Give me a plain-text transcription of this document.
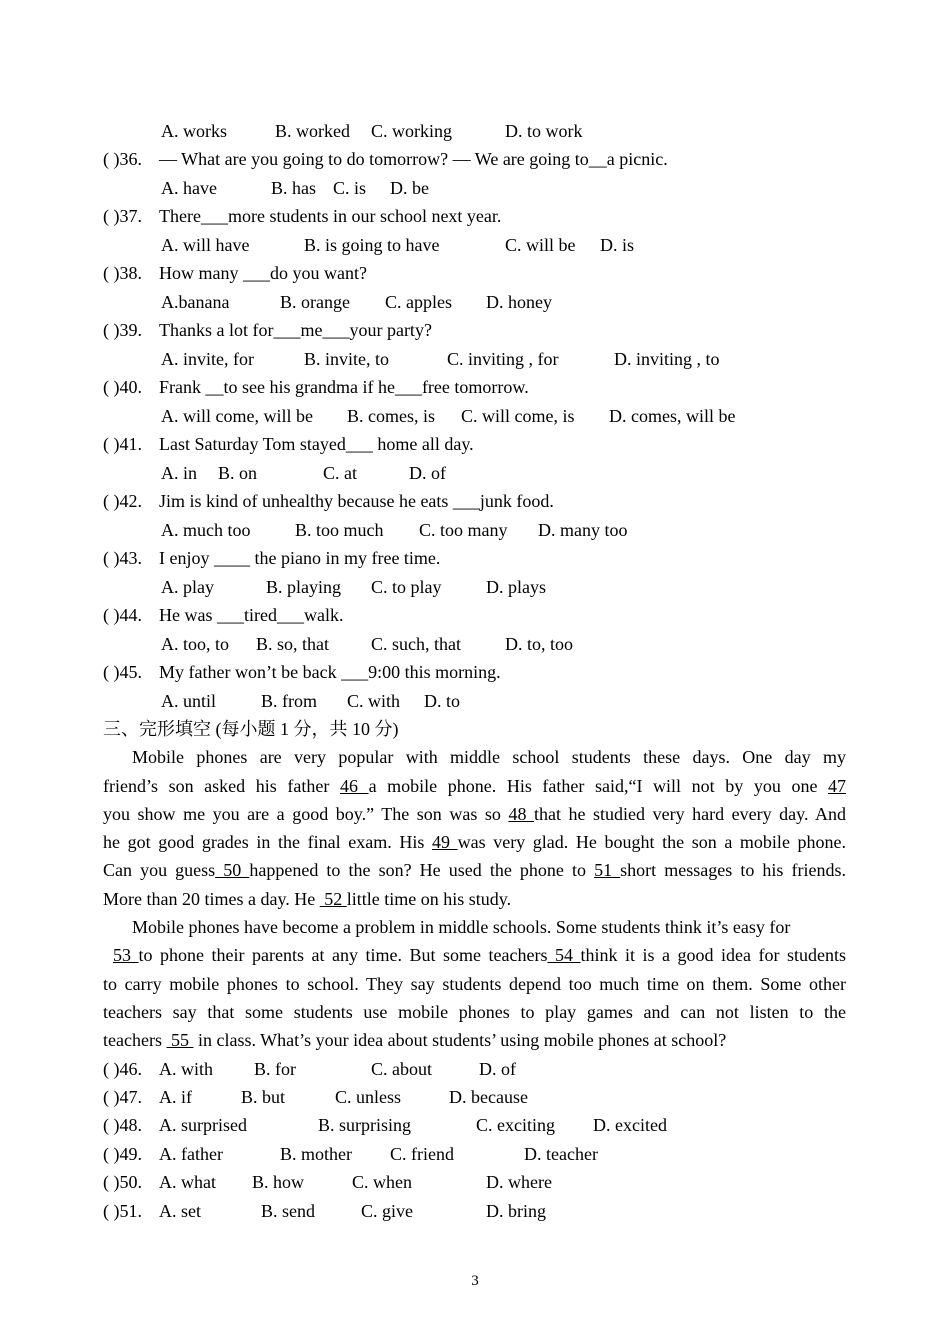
A. works	B. worked C. working	D. to work
( )36. — What are you going to do tomorrow? — We are going to__a picnic.
A. have	B. has C. is D. be
( )37. There___more students in our school next year.
A. will have	B. is going to have	C. will be D. is
( )38. How many ___do you want?
A.banana	B. orange C. apples D. honey
( )39. Thanks a lot for___me___your party?
A. invite, for	B. invite, to	C. inviting , for	D. inviting , to
( )40. Frank __to see his grandma if he___free tomorrow.
A. will come, will be B. comes, is C. will come, is D. comes, will be
( )41. Last Saturday Tom stayed___ home all day.
A. in B. on	C. at	D. of
( )42. Jim is kind of unhealthy because he eats ___junk food.
A. much too B. too much C. too many D. many too
( )43. I enjoy ____ the piano in my free time.
A. play	B. playing C. to play D. plays
( )44. He was ___tired___walk.
A. too, to B. so, that C. such, that D. to, too
( )45. My father won’t be back ___9:00 this morning.
A. until B. from C. with D. to
三、完形填空 (每小题 1 分，共 10 分)
Mobile phones are very popular with middle school students these days. One day my
friend’s son asked his father 46 a mobile phone. His father said,“I will not by you one 47
you show me you are a good boy.” The son was so 48 that he studied very hard every day. And
he got good grades in the final exam. His 49 was very glad. He bought the son a mobile phone.
Can you guess 50 happened to the son? He used the phone to 51 short messages to his friends.
More than 20 times a day. He  52 little time on his study.
Mobile phones have become a problem in middle schools. Some students think it’s easy for
53 to phone their parents at any time. But some teachers 54 think it is a good idea for students
to carry mobile phones to school. They say students depend too much time on them. Some other
teachers say that some students use mobile phones to play games and can not listen to the
teachers  55  in class. What’s your idea about students’ using mobile phones at school?
( )46. A. with B. for	C. about	D. of
( )47. A. if	B. but	C. unless	D. because
( )48. A. surprised	B. surprising	C. exciting D. excited
( )49. A. father	B. mother C. friend	D. teacher
( )50. A. what B. how	C. when	D. where
( )51. A. set	B. send	C. give	D. bring
3
